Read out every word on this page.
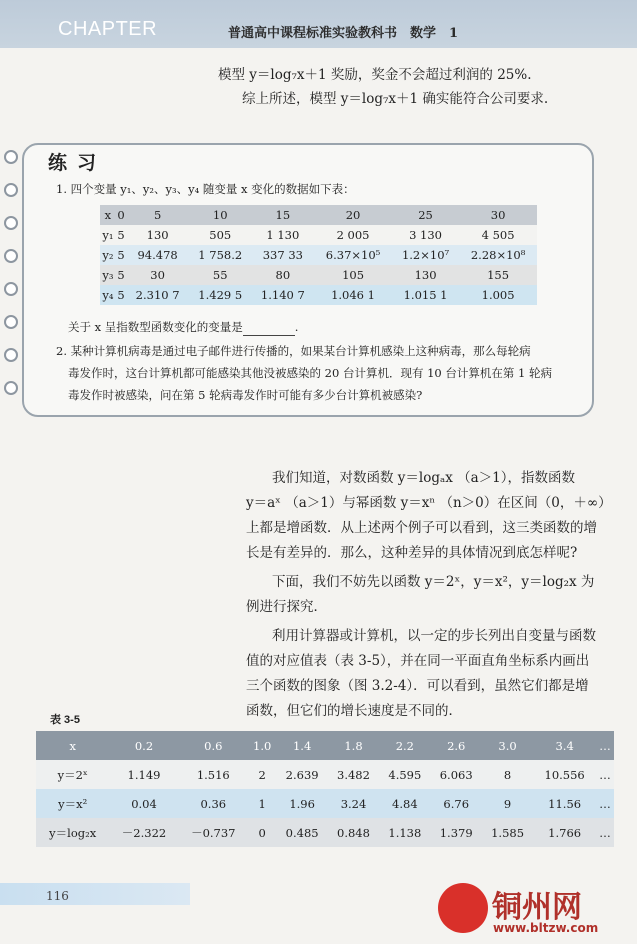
CHAPTER	普通高中课程标准实验教科书　数学　1
模型 y＝log₇x＋1 奖励，奖金不会超过利润的 25%.
综上所述，模型 y＝log₇x＋1 确实能符合公司要求.
练习
1. 四个变量 y₁、y₂、y₃、y₄ 随变量 x 变化的数据如下表：
x	0	5	10	15	20	25	30
y₁	5	130	505	1 130	2 005	3 130	4 505
y₂	5	94.478	1 758.2	337 33	6.37×10⁵	1.2×10⁷	2.28×10⁸
y₃	5	30	55	80	105	130	155
y₄	5	2.310 7	1.429 5	1.140 7	1.046 1	1.015 1	1.005
关于 x 呈指数型函数变化的变量是	.
2. 某种计算机病毒是通过电子邮件进行传播的，如果某台计算机感染上这种病毒，那么每轮病
毒发作时，这台计算机都可能感染其他没被感染的 20 台计算机．现有 10 台计算机在第 1 轮病
毒发作时被感染，问在第 5 轮病毒发作时可能有多少台计算机被感染?
我们知道，对数函数 y＝logₐx （a＞1），指数函数
y＝aˣ （a＞1）与幂函数 y＝xⁿ （n＞0）在区间（0，＋∞）
上都是增函数．从上述两个例子可以看到，这三类函数的增
长是有差异的．那么，这种差异的具体情况到底怎样呢?
下面，我们不妨先以函数 y＝2ˣ，y＝x²，y＝log₂x 为
例进行探究．
利用计算器或计算机，以一定的步长列出自变量与函数
值的对应值表（表 3-5），并在同一平面直角坐标系内画出
三个函数的图象（图 3.2-4）．可以看到，虽然它们都是增
函数，但它们的增长速度是不同的．
表 3-5
x	0.2	0.6	1.0	1.4	1.8	2.2	2.6	3.0	3.4	…
y＝2ˣ	1.149	1.516	2	2.639	3.482	4.595	6.063	8	10.556	…
y＝x²	0.04	0.36	1	1.96	3.24	4.84	6.76	9	11.56	…
y＝log₂x	－2.322	－0.737	0	0.485	0.848	1.138	1.379	1.585	1.766	…
116	铜州网
www.bltzw.com
